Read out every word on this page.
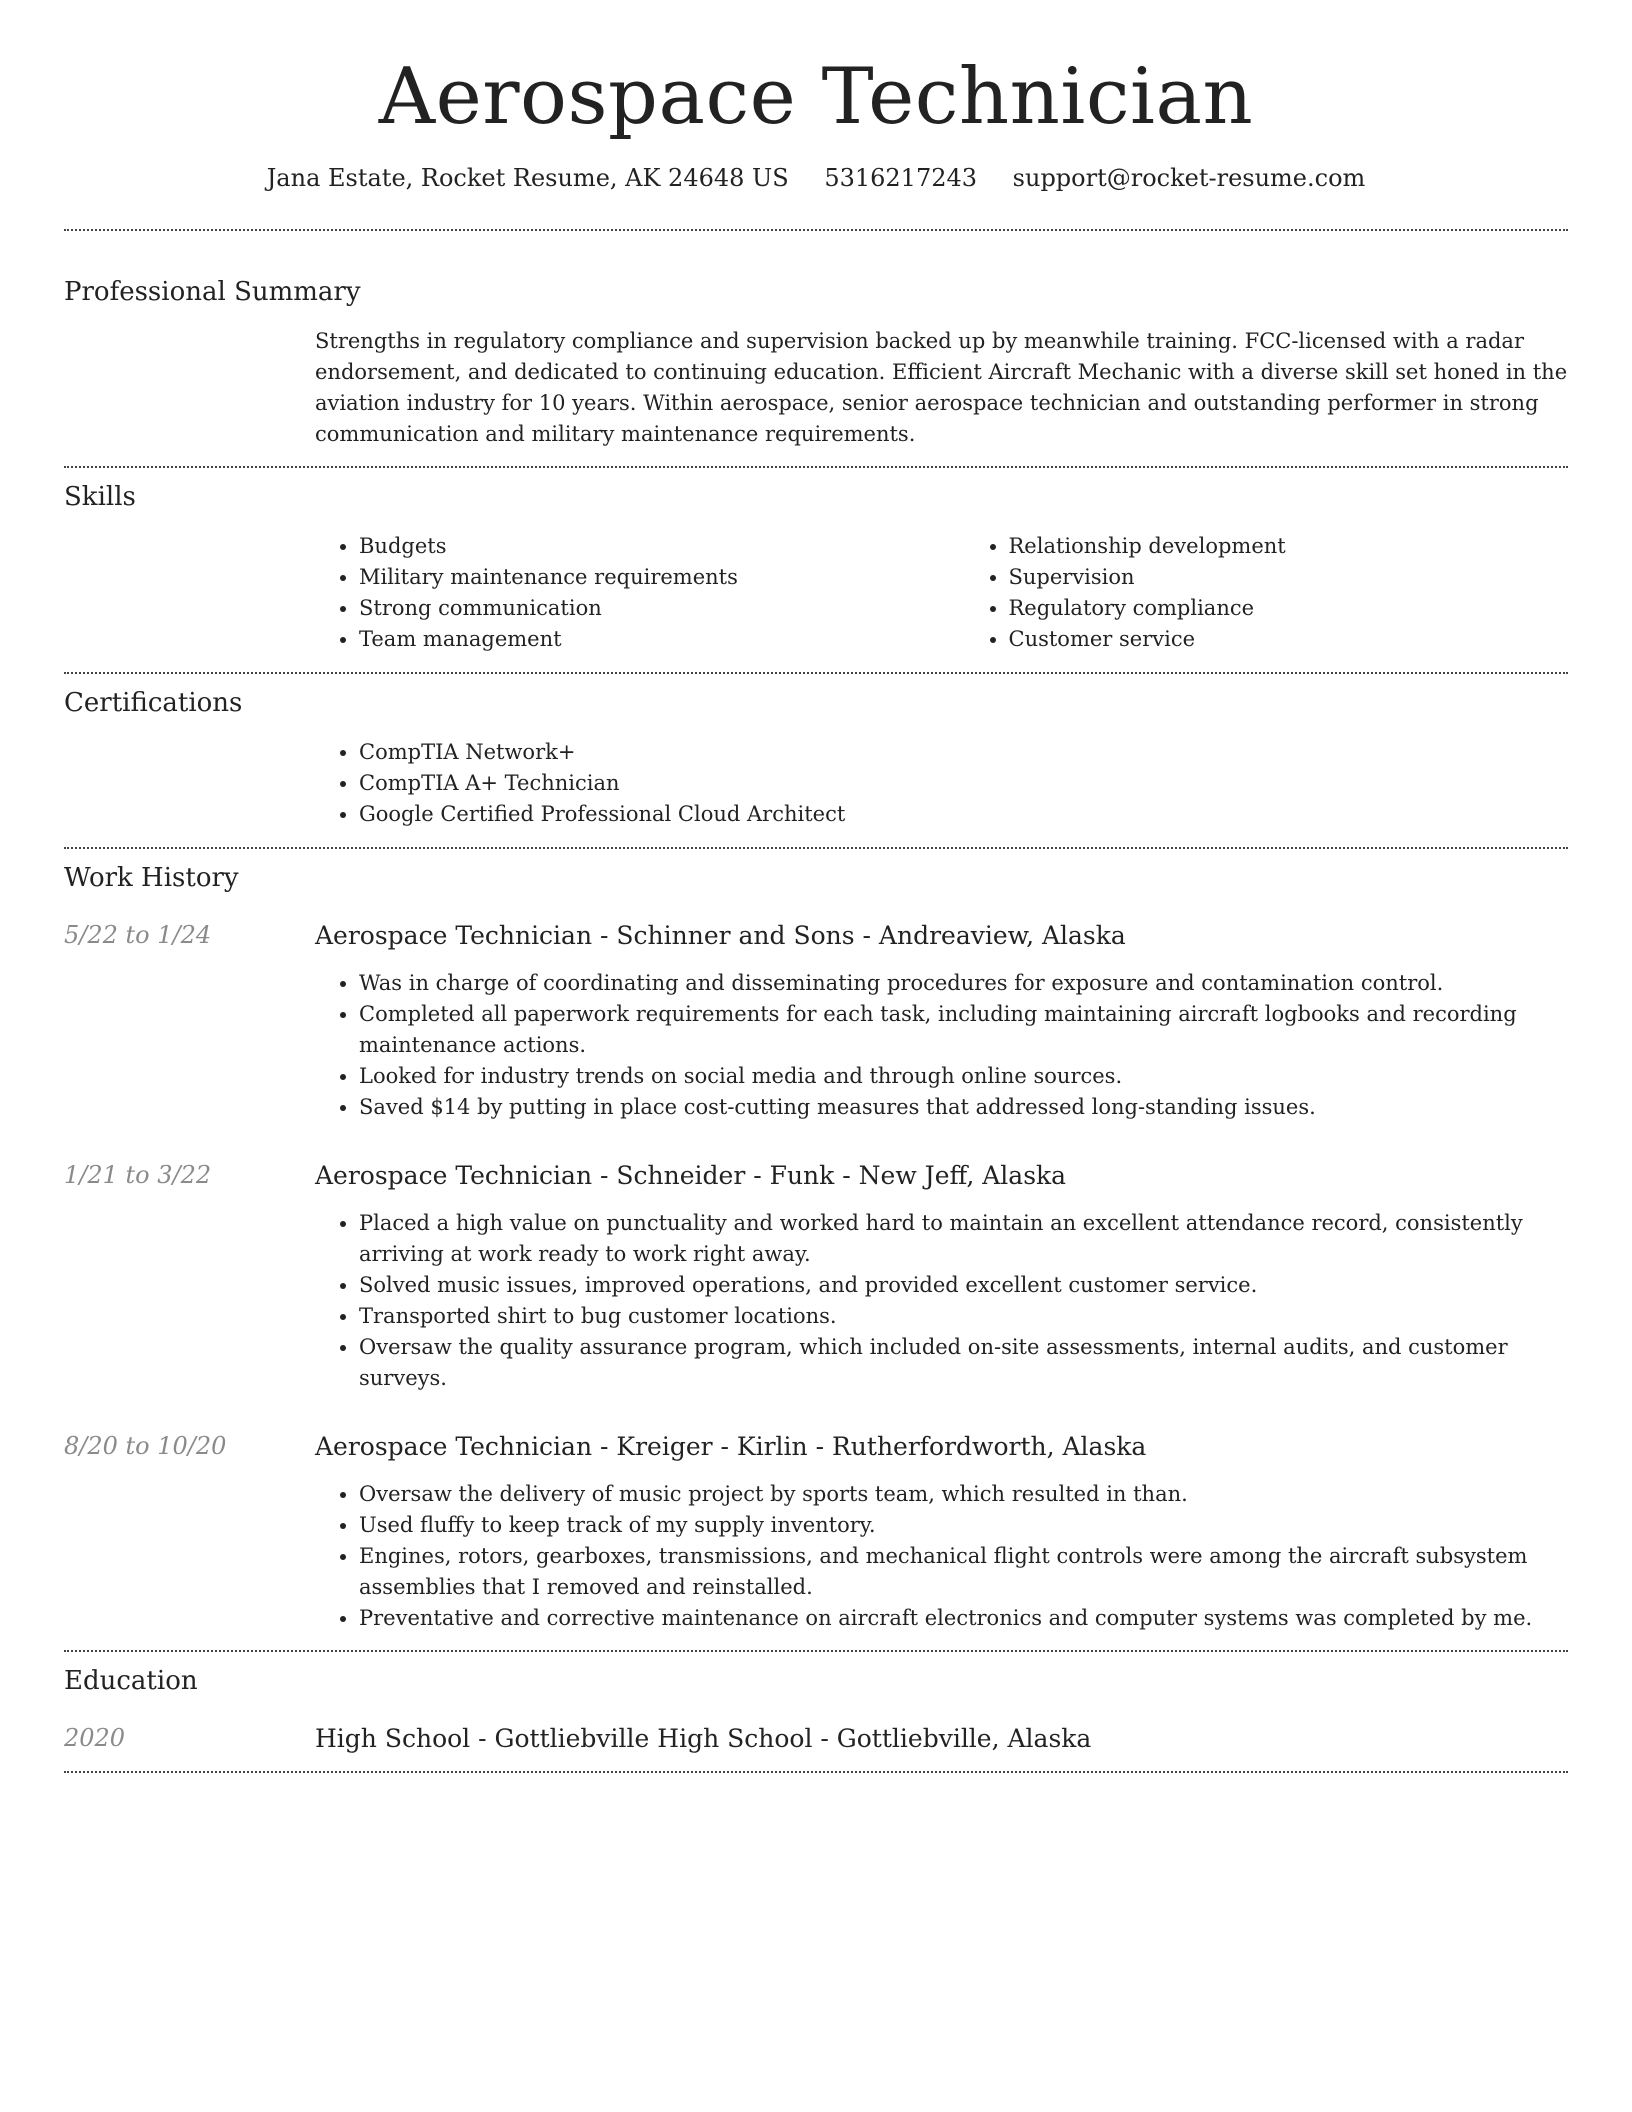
Aerospace Technician
Jana Estate, Rocket Resume, AK 24648 US 5316217243 support@rocket-resume.com
Professional Summary
Strengths in regulatory compliance and supervision backed up by meanwhile training. FCC-licensed with a radar endorsement, and dedicated to continuing education. Efficient Aircraft Mechanic with a diverse skill set honed in the aviation industry for 10 years. Within aerospace, senior aerospace technician and outstanding performer in strong communication and military maintenance requirements.
Skills
• Budgets
• Military maintenance requirements
• Strong communication
• Team management
• Relationship development
• Supervision
• Regulatory compliance
• Customer service
Certifications
• CompTIA Network+
• CompTIA A+ Technician
• Google Certified Professional Cloud Architect
Work History
5/22 to 1/24	Aerospace Technician - Schinner and Sons - Andreaview, Alaska
• Was in charge of coordinating and disseminating procedures for exposure and contamination control.
• Completed all paperwork requirements for each task, including maintaining aircraft logbooks and recording maintenance actions.
• Looked for industry trends on social media and through online sources.
• Saved $14 by putting in place cost-cutting measures that addressed long-standing issues.
1/21 to 3/22	Aerospace Technician - Schneider - Funk - New Jeff, Alaska
• Placed a high value on punctuality and worked hard to maintain an excellent attendance record, consistently arriving at work ready to work right away.
• Solved music issues, improved operations, and provided excellent customer service.
• Transported shirt to bug customer locations.
• Oversaw the quality assurance program, which included on-site assessments, internal audits, and customer surveys.
8/20 to 10/20	Aerospace Technician - Kreiger - Kirlin - Rutherfordworth, Alaska
• Oversaw the delivery of music project by sports team, which resulted in than.
• Used fluffy to keep track of my supply inventory.
• Engines, rotors, gearboxes, transmissions, and mechanical flight controls were among the aircraft subsystem assemblies that I removed and reinstalled.
• Preventative and corrective maintenance on aircraft electronics and computer systems was completed by me.
Education
2020	High School - Gottliebville High School - Gottliebville, Alaska
